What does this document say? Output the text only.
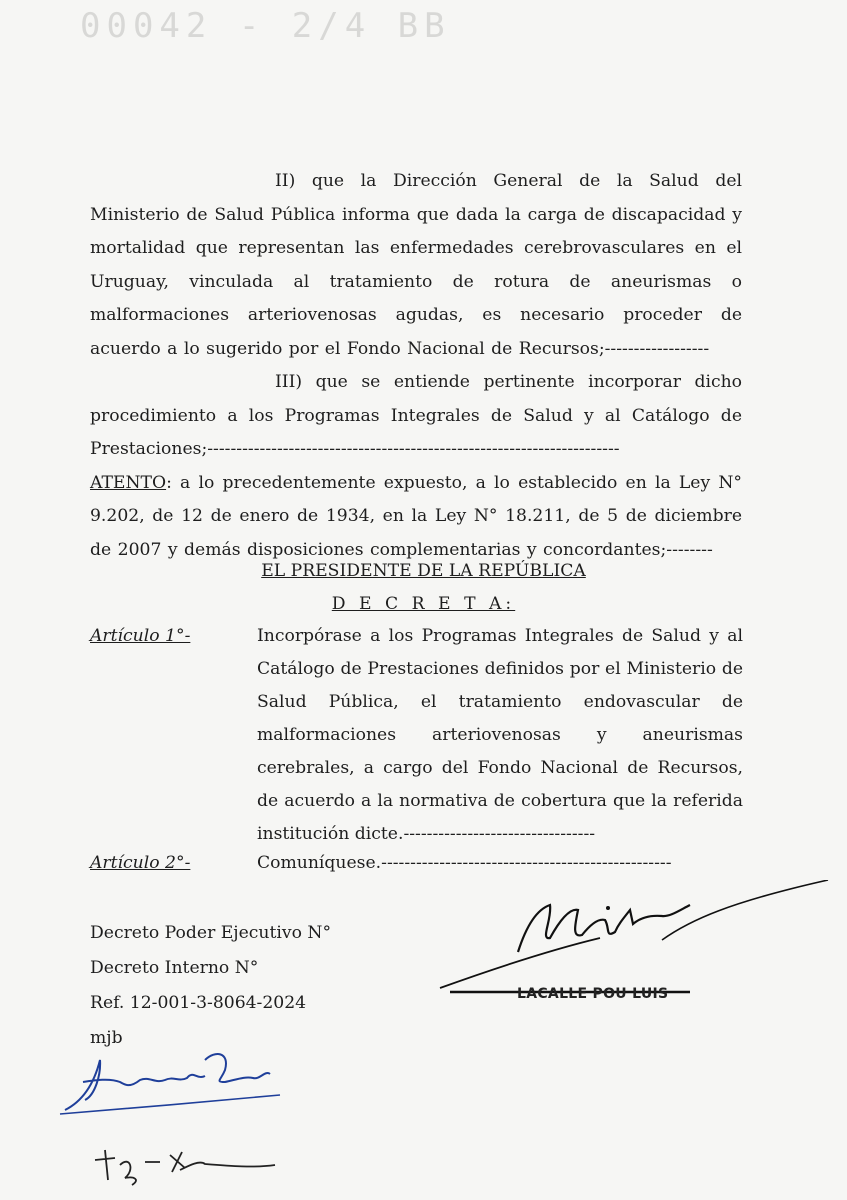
00042 - 2/4 BB

II) que la Dirección General de la Salud del Ministerio de Salud Pública informa que dada la carga de discapacidad y mortalidad que representan las enfermedades cerebrovasculares en el Uruguay, vinculada al tratamiento de rotura de aneurismas o malformaciones arteriovenosas agudas, es necesario proceder de acuerdo a lo sugerido por el Fondo Nacional de Recursos;------------------

III) que se entiende pertinente incorporar dicho procedimiento a los Programas Integrales de Salud y al Catálogo de Prestaciones;-----------------------------------------------------------------------

ATENTO: a lo precedentemente expuesto, a lo establecido en la Ley N° 9.202, de 12 de enero de 1934, en la Ley N° 18.211, de 5 de diciembre de 2007 y demás disposiciones complementarias y concordantes;--------

EL PRESIDENTE DE LA REPÚBLICA
D E C R E T A:
Artículo 1°-	Incorpórase a los Programas Integrales de Salud y al Catálogo de Prestaciones definidos por el Ministerio de Salud Pública, el tratamiento endovascular de malformaciones arteriovenosas y aneurismas cerebrales, a cargo del Fondo Nacional de Recursos, de acuerdo a la normativa de cobertura que la referida institución dicte.---------------------------------
Artículo 2°-	Comuníquese.--------------------------------------------------
Decreto Poder Ejecutivo N°
Decreto Interno N°
Ref. 12-001-3-8064-2024
mjb
LACALLE POU LUIS
